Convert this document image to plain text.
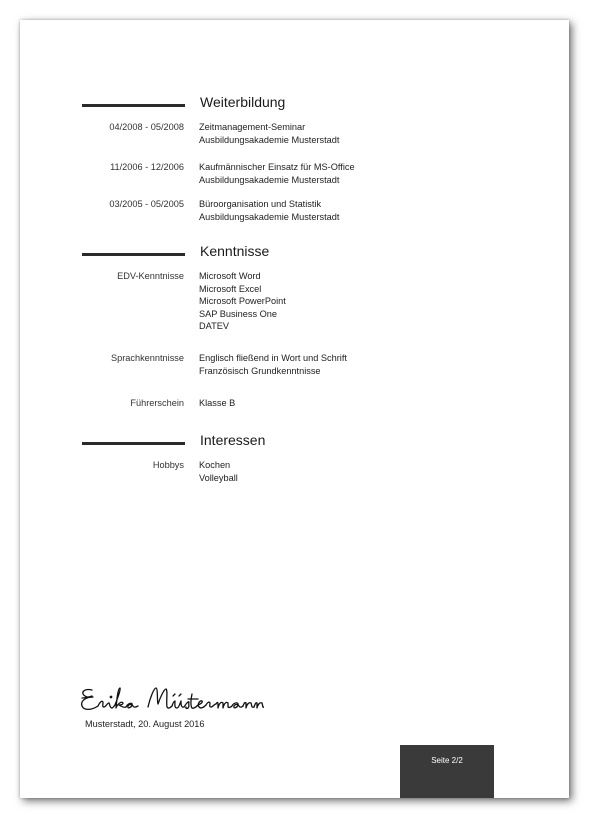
Weiterbildung
04/2008 - 05/2008 Zeitmanagement-Seminar
Ausbildungsakademie Musterstadt
11/2006 - 12/2006 Kaufmännischer Einsatz für MS-Office
Ausbildungsakademie Musterstadt
03/2005 - 05/2005 Büroorganisation und Statistik
Ausbildungsakademie Musterstadt
Kenntnisse
EDV-Kenntnisse Microsoft Word
Microsoft Excel
Microsoft PowerPoint
SAP Business One
DATEV
Sprachkenntnisse Englisch fließend in Wort und Schrift
Französisch Grundkenntnisse
Führerschein Klasse B
Interessen
Hobbys Kochen
Volleyball
Musterstadt, 20. August 2016
Seite 2/2
